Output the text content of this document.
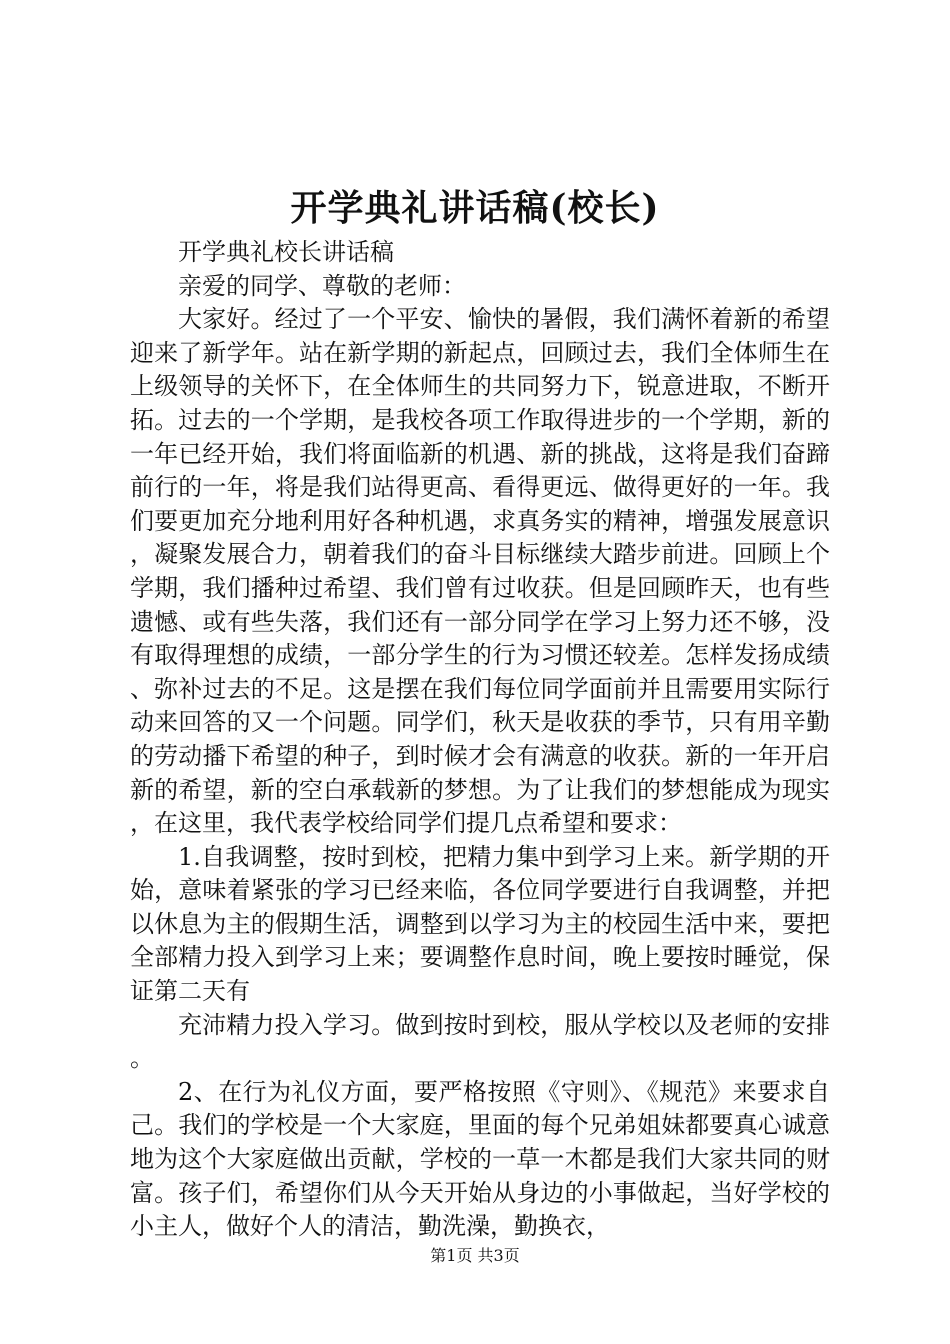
开学典礼讲话稿(校长)

开学典礼校长讲话稿

亲爱的同学、尊敬的老师：

大家好。经过了一个平安、愉快的暑假，我们满怀着新的希望迎来了新学年。站在新学期的新起点，回顾过去，我们全体师生在上级领导的关怀下，在全体师生的共同努力下，锐意进取，不断开拓。过去的一个学期，是我校各项工作取得进步的一个学期，新的一年已经开始，我们将面临新的机遇、新的挑战，这将是我们奋蹄前行的一年，将是我们站得更高、看得更远、做得更好的一年。我们要更加充分地利用好各种机遇，求真务实的精神，增强发展意识，凝聚发展合力，朝着我们的奋斗目标继续大踏步前进。回顾上个学期，我们播种过希望、我们曾有过收获。但是回顾昨天，也有些遗憾、或有些失落，我们还有一部分同学在学习上努力还不够，没有取得理想的成绩，一部分学生的行为习惯还较差。怎样发扬成绩、弥补过去的不足。这是摆在我们每位同学面前并且需要用实际行动来回答的又一个问题。同学们，秋天是收获的季节，只有用辛勤的劳动播下希望的种子，到时候才会有满意的收获。新的一年开启新的希望，新的空白承载新的梦想。为了让我们的梦想能成为现实，在这里，我代表学校给同学们提几点希望和要求：

1.自我调整，按时到校，把精力集中到学习上来。新学期的开始，意味着紧张的学习已经来临，各位同学要进行自我调整，并把以休息为主的假期生活，调整到以学习为主的校园生活中来，要把全部精力投入到学习上来；要调整作息时间，晚上要按时睡觉，保证第二天有

充沛精力投入学习。做到按时到校，服从学校以及老师的安排。

2、在行为礼仪方面，要严格按照《守则》、《规范》来要求自己。我们的学校是一个大家庭，里面的每个兄弟姐妹都要真心诚意地为这个大家庭做出贡献，学校的一草一木都是我们大家共同的财富。孩子们，希望你们从今天开始从身边的小事做起，当好学校的小主人，做好个人的清洁，勤洗澡，勤换衣，

第1页 共3页
